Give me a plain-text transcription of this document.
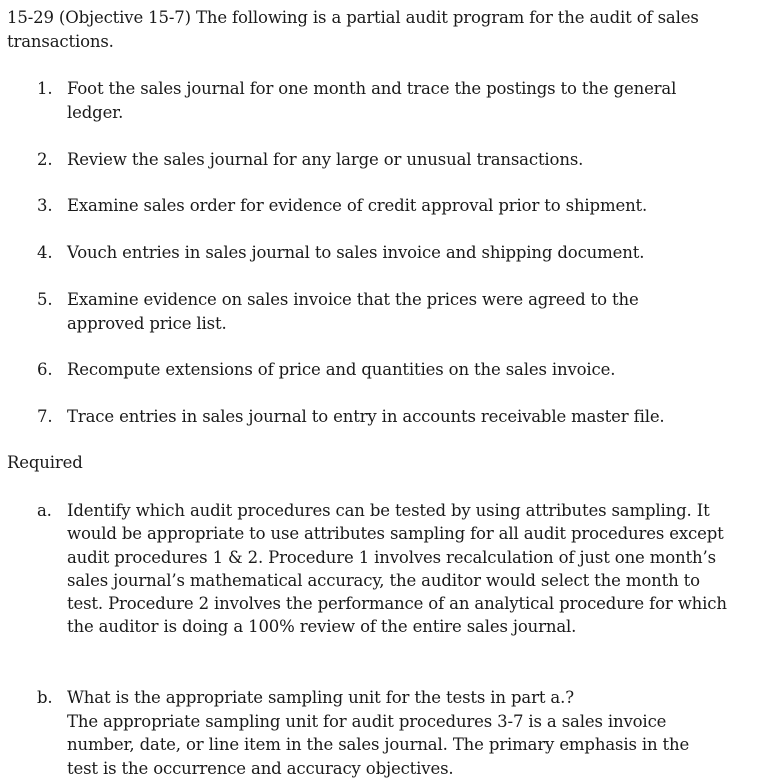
15-29 (Objective 15-7) The following is a partial audit program for the audit of sales transactions.

1. Foot the sales journal for one month and trace the postings to the general ledger.

2. Review the sales journal for any large or unusual transactions.

3. Examine sales order for evidence of credit approval prior to shipment.

4. Vouch entries in sales journal to sales invoice and shipping document.

5. Examine evidence on sales invoice that the prices were agreed to the approved price list.

6. Recompute extensions of price and quantities on the sales invoice.

7. Trace entries in sales journal to entry in accounts receivable master file.

Required

a. Identify which audit procedures can be tested by using attributes sampling. It would be appropriate to use attributes sampling for all audit procedures except audit procedures 1 & 2. Procedure 1 involves recalculation of just one month’s sales journal’s mathematical accuracy, the auditor would select the month to test. Procedure 2 involves the performance of an analytical procedure for which the auditor is doing a 100% review of the entire sales journal.

b. What is the appropriate sampling unit for the tests in part a.?
The appropriate sampling unit for audit procedures 3-7 is a sales invoice number, date, or line item in the sales journal. The primary emphasis in the test is the occurrence and accuracy objectives.
